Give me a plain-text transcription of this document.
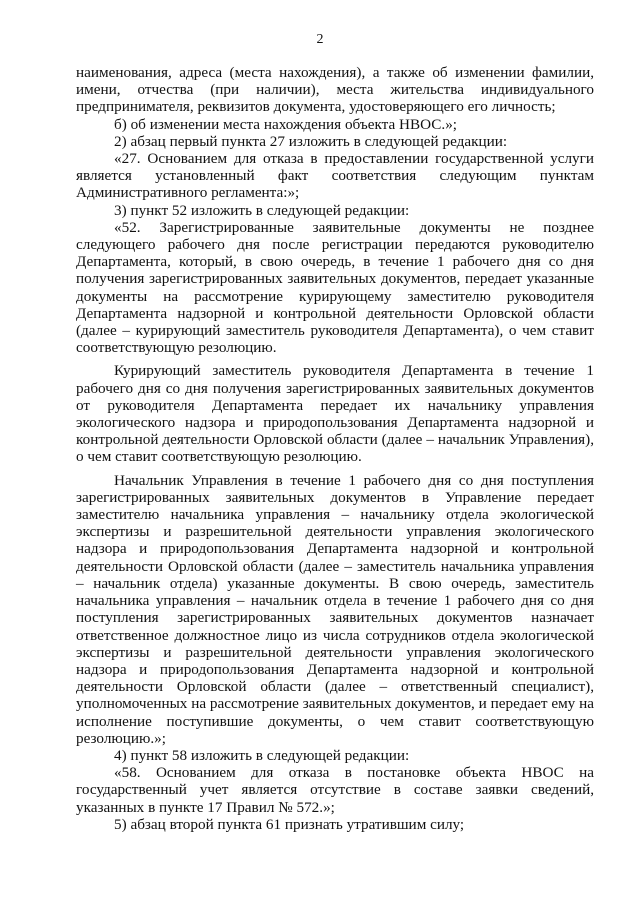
2

наименования, адреса (места нахождения), а также об изменении фамилии, имени, отчества (при наличии), места жительства индивидуального предпринимателя, реквизитов документа, удостоверяющего его личность;

б) об изменении места нахождения объекта НВОС.»;

2) абзац первый пункта 27 изложить в следующей редакции:

«27. Основанием для отказа в предоставлении государственной услуги является установленный факт соответствия следующим пунктам Административного регламента:»;

3) пункт 52 изложить в следующей редакции:

«52. Зарегистрированные заявительные документы не позднее следующего рабочего дня после регистрации передаются руководителю Департамента, который, в свою очередь, в течение 1 рабочего дня со дня получения зарегистрированных заявительных документов, передает указанные документы на рассмотрение курирующему заместителю руководителя Департамента надзорной и контрольной деятельности Орловской области (далее – курирующий заместитель руководителя Департамента), о чем ставит соответствующую резолюцию.

Курирующий заместитель руководителя Департамента в течение 1 рабочего дня со дня получения зарегистрированных заявительных документов от руководителя Департамента передает их начальнику управления экологического надзора и природопользования Департамента надзорной и контрольной деятельности Орловской области (далее – начальник Управления), о чем ставит соответствующую резолюцию.

Начальник Управления в течение 1 рабочего дня со дня поступления зарегистрированных заявительных документов в Управление передает заместителю начальника управления – начальнику отдела экологической экспертизы и разрешительной деятельности управления экологического надзора и природопользования Департамента надзорной и контрольной деятельности Орловской области (далее – заместитель начальника управления – начальник отдела) указанные документы. В свою очередь, заместитель начальника управления – начальник отдела в течение 1 рабочего дня со дня поступления зарегистрированных заявительных документов назначает ответственное должностное лицо из числа сотрудников отдела экологической экспертизы и разрешительной деятельности управления экологического надзора и природопользования Департамента надзорной и контрольной деятельности Орловской области (далее – ответственный специалист), уполномоченных на рассмотрение заявительных документов, и передает ему на исполнение поступившие документы, о чем ставит соответствующую резолюцию.»;

4) пункт 58 изложить в следующей редакции:

«58. Основанием для отказа в постановке объекта НВОС на государственный учет является отсутствие в составе заявки сведений, указанных в пункте 17 Правил № 572.»;

5) абзац второй пункта 61 признать утратившим силу;
